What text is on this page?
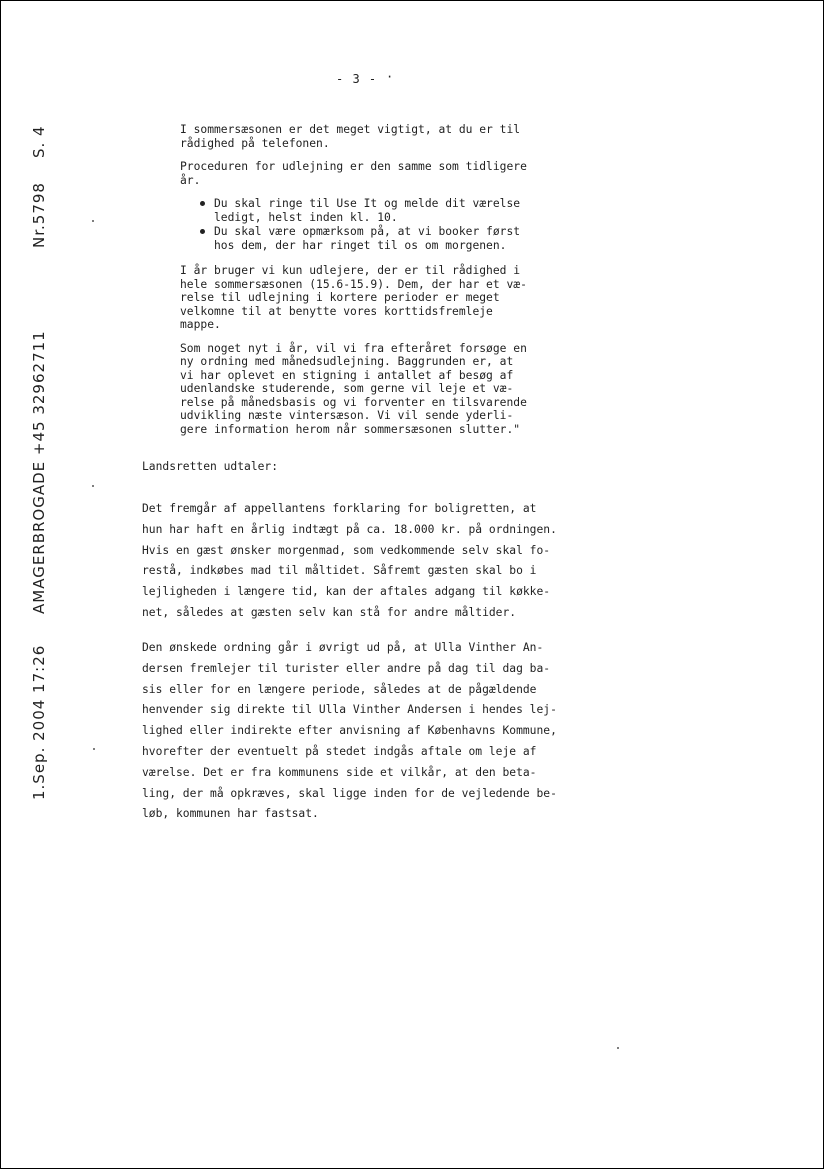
- 3 - ·
S. 4
Nr.5798
AMAGERBROGADE +45 32962711
1.Sep. 2004 17:26

I sommersæsonen er det meget vigtigt, at du er til
rådighed på telefonen.

Proceduren for udlejning er den samme som tidligere
år.

Du skal ringe til Use It og melde dit værelse
ledigt, helst inden kl. 10.
Du skal være opmærksom på, at vi booker først
hos dem, der har ringet til os om morgenen.

I år bruger vi kun udlejere, der er til rådighed i
hele sommersæsonen (15.6-15.9). Dem, der har et væ-
relse til udlejning i kortere perioder er meget
velkomne til at benytte vores korttidsfremleje
mappe.

Som noget nyt i år, vil vi fra efteråret forsøge en
ny ordning med månedsudlejning. Baggrunden er, at
vi har oplevet en stigning i antallet af besøg af
udenlandske studerende, som gerne vil leje et væ-
relse på månedsbasis og vi forventer en tilsvarende
udvikling næste vintersæson. Vi vil sende yderli-
gere information herom når sommersæsonen slutter."

Landsretten udtaler:

Det fremgår af appellantens forklaring for boligretten, at
hun har haft en årlig indtægt på ca. 18.000 kr. på ordningen.
Hvis en gæst ønsker morgenmad, som vedkommende selv skal fo-
restå, indkøbes mad til måltidet. Såfremt gæsten skal bo i
lejligheden i længere tid, kan der aftales adgang til køkke-
net, således at gæsten selv kan stå for andre måltider.

Den ønskede ordning går i øvrigt ud på, at Ulla Vinther An-
dersen fremlejer til turister eller andre på dag til dag ba-
sis eller for en længere periode, således at de pågældende
henvender sig direkte til Ulla Vinther Andersen i hendes lej-
lighed eller indirekte efter anvisning af Københavns Kommune,
hvorefter der eventuelt på stedet indgås aftale om leje af
værelse. Det er fra kommunens side et vilkår, at den beta-
ling, der må opkræves, skal ligge inden for de vejledende be-
løb, kommunen har fastsat.
